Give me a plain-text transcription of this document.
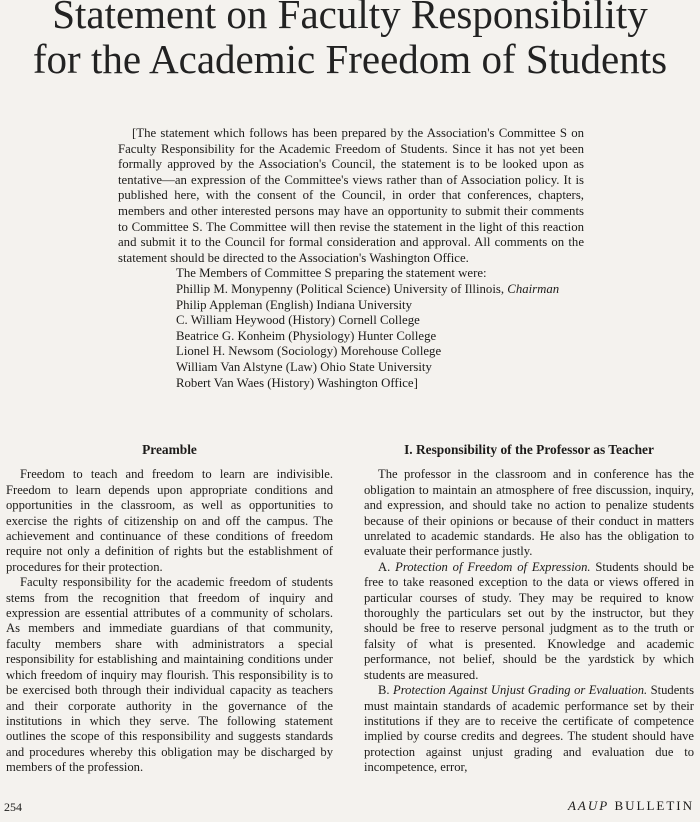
Statement on Faculty Responsibility
for the Academic Freedom of Students

[The statement which follows has been prepared by the Association's Committee S on Faculty Responsibility for the Academic Freedom of Students. Since it has not yet been formally approved by the Association's Council, the statement is to be looked upon as tentative—an expression of the Committee's views rather than of Association policy. It is published here, with the consent of the Council, in order that conferences, chapters, members and other interested persons may have an opportunity to submit their comments to Committee S. The Committee will then revise the statement in the light of this reaction and submit it to the Council for formal consideration and approval. All comments on the statement should be directed to the Association's Washington Office.

The Members of Committee S preparing the statement were:
Phillip M. Monypenny (Political Science) University of Illinois, Chairman
Philip Appleman (English) Indiana University
C. William Heywood (History) Cornell College
Beatrice G. Konheim (Physiology) Hunter College
Lionel H. Newsom (Sociology) Morehouse College
William Van Alstyne (Law) Ohio State University
Robert Van Waes (History) Washington Office]
Preamble

Freedom to teach and freedom to learn are indivisible. Freedom to learn depends upon appropriate conditions and opportunities in the classroom, as well as opportunities to exercise the rights of citizenship on and off the campus. The achievement and continuance of these conditions of freedom require not only a definition of rights but the establishment of procedures for their protection.

Faculty responsibility for the academic freedom of students stems from the recognition that freedom of inquiry and expression are essential attributes of a community of scholars. As members and immediate guardians of that community, faculty members share with administrators a special responsibility for establishing and maintaining conditions under which freedom of inquiry may flourish. This responsibility is to be exercised both through their individual capacity as teachers and their corporate authority in the governance of the institutions in which they serve. The following statement outlines the scope of this responsibility and suggests standards and procedures whereby this obligation may be discharged by members of the profession.

I. Responsibility of the Professor as Teacher

The professor in the classroom and in conference has the obligation to maintain an atmosphere of free discussion, inquiry, and expression, and should take no action to penalize students because of their opinions or because of their conduct in matters unrelated to academic standards. He also has the obligation to evaluate their performance justly.

A. Protection of Freedom of Expression. Students should be free to take reasoned exception to the data or views offered in particular courses of study. They may be required to know thoroughly the particulars set out by the instructor, but they should be free to reserve personal judgment as to the truth or falsity of what is presented. Knowledge and academic performance, not belief, should be the yardstick by which students are measured.

B. Protection Against Unjust Grading or Evaluation. Students must maintain standards of academic performance set by their institutions if they are to receive the certificate of competence implied by course credits and degrees. The student should have protection against unjust grading and evaluation due to incompetence, error,

254	AAUP BULLETIN
